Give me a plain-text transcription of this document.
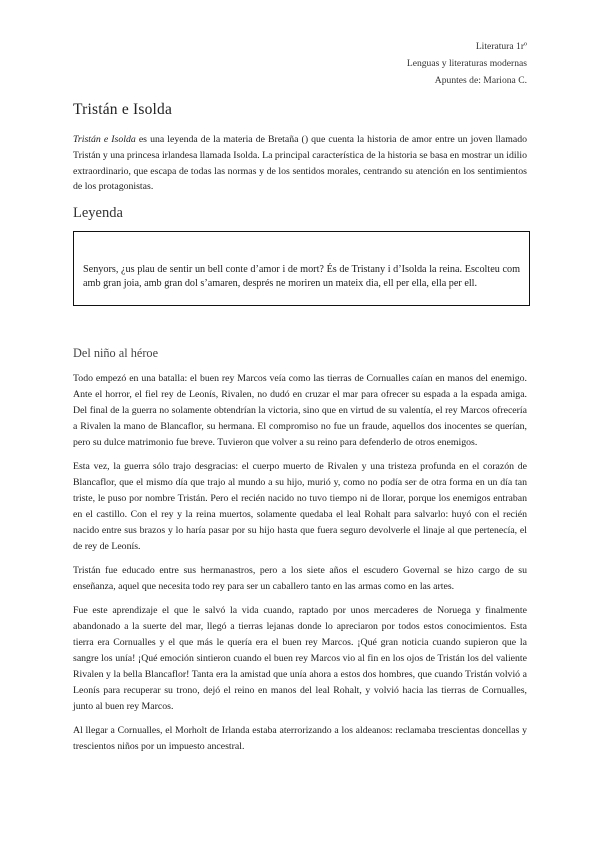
Literatura 1rº
Lenguas y literaturas modernas
Apuntes de: Mariona C.
Tristán e Isolda

Tristán e Isolda es una leyenda de la materia de Bretaña () que cuenta la historia de amor entre un joven llamado Tristán y una princesa irlandesa llamada Isolda. La principal característica de la historia se basa en mostrar un idilio extraordinario, que escapa de todas las normas y de los sentidos morales, centrando su atención en los sentimientos de los protagonistas.

Leyenda

Senyors, ¿us plau de sentir un bell conte d’amor i de mort? És de Tristany i d’Isolda la reina. Escolteu com amb gran joia, amb gran dol s’amaren, després ne moriren un mateix dia, ell per ella, ella per ell.

Del niño al héroe

Todo empezó en una batalla: el buen rey Marcos veía como las tierras de Cornualles caían en manos del enemigo. Ante el horror, el fiel rey de Leonís, Rivalen, no dudó en cruzar el mar para ofrecer su espada a la espada amiga. Del final de la guerra no solamente obtendrían la victoria, sino que en virtud de su valentía, el rey Marcos ofrecería a Rivalen la mano de Blancaflor, su hermana. El compromiso no fue un fraude, aquellos dos inocentes se querían, pero su dulce matrimonio fue breve. Tuvieron que volver a su reino para defenderlo de otros enemigos.

Esta vez, la guerra sólo trajo desgracias: el cuerpo muerto de Rivalen y una tristeza profunda en el corazón de Blancaflor, que el mismo día que trajo al mundo a su hijo, murió y, como no podía ser de otra forma en un día tan triste, le puso por nombre Tristán. Pero el recién nacido no tuvo tiempo ni de llorar, porque los enemigos entraban en el castillo. Con el rey y la reina muertos, solamente quedaba el leal Rohalt para salvarlo: huyó con el recién nacido entre sus brazos y lo haría pasar por su hijo hasta que fuera seguro devolverle el linaje al que pertenecía, el de rey de Leonís.

Tristán fue educado entre sus hermanastros, pero a los siete años el escudero Governal se hizo cargo de su enseñanza, aquel que necesita todo rey para ser un caballero tanto en las armas como en las artes.

Fue este aprendizaje el que le salvó la vida cuando, raptado por unos mercaderes de Noruega y finalmente abandonado a la suerte del mar, llegó a tierras lejanas donde lo apreciaron por todos estos conocimientos. Esta tierra era Cornualles y el que más le quería era el buen rey Marcos. ¡Qué gran noticia cuando supieron que la sangre los unía! ¡Qué emoción sintieron cuando el buen rey Marcos vio al fin en los ojos de Tristán los del valiente Rivalen y la bella Blancaflor! Tanta era la amistad que unía ahora a estos dos hombres, que cuando Tristán volvió a Leonís para recuperar su trono, dejó el reino en manos del leal Rohalt, y volvió hacia las tierras de Cornualles, junto al buen rey Marcos.

Al llegar a Cornualles, el Morholt de Irlanda estaba aterrorizando a los aldeanos: reclamaba trescientas doncellas y trescientos niños por un impuesto ancestral.
